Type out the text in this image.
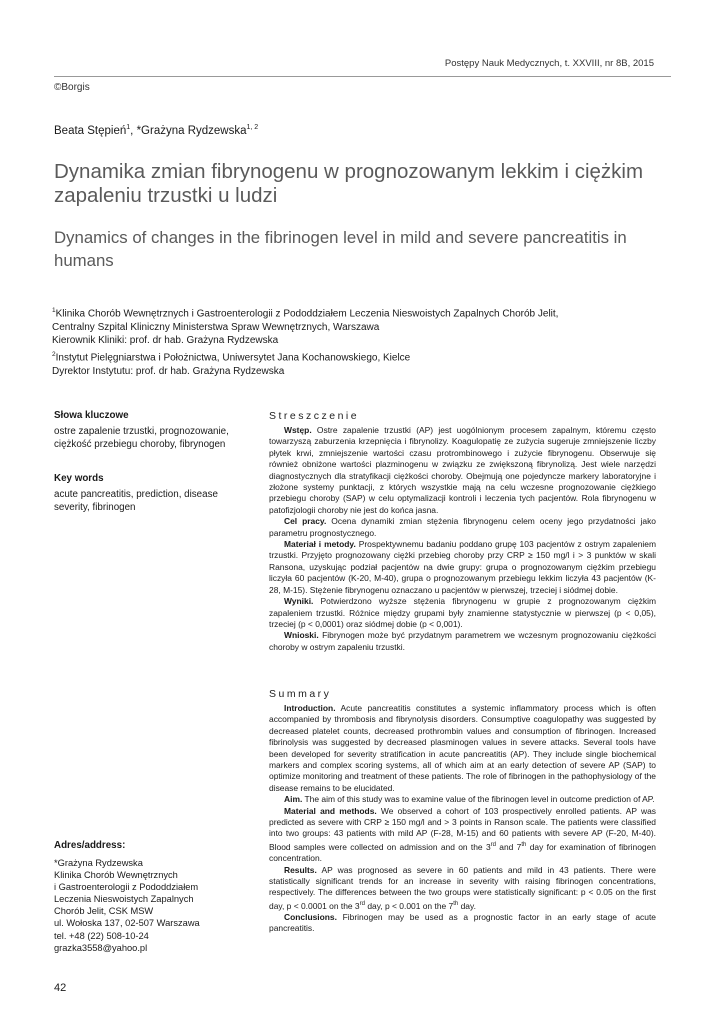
Postępy Nauk Medycznych, t. XXVIII, nr 8B, 2015
©Borgis
Beata Stępień$^1$, *Grażyna Rydzewska$^{1, 2}$
Dynamika zmian fibrynogenu w prognozowanym lekkim i ciężkim zapaleniu trzustki u ludzi
Dynamics of changes in the fibrinogen level in mild and severe pancreatitis in humans
$^1$Klinika Chorób Wewnętrznych i Gastroenterologii z Pododdziałem Leczenia Nieswoistych Zapalnych Chorób Jelit,
Centralny Szpital Kliniczny Ministerstwa Spraw Wewnętrznych, Warszawa
Kierownik Kliniki: prof. dr hab. Grażyna Rydzewska
$^2$Instytut Pielęgniarstwa i Położnictwa, Uniwersytet Jana Kochanowskiego, Kielce
Dyrektor Instytutu: prof. dr hab. Grażyna Rydzewska
Słowa kluczowe
ostre zapalenie trzustki, prognozowanie,
ciężkość przebiegu choroby, fibrynogen
Key words
acute pancreatitis, prediction, disease
severity, fibrinogen
Adres/address:
*Grażyna Rydzewska
Klinika Chorób Wewnętrznych
i Gastroenterologii z Pododdziałem
Leczenia Nieswoistych Zapalnych
Chorób Jelit, CSK MSW
ul. Wołoska 137, 02-507 Warszawa
tel. +48 (22) 508-10-24
grazka3558@yahoo.pl
Streszczenie

Wstęp. Ostre zapalenie trzustki (AP) jest uogólnionym procesem zapalnym, któremu często towarzyszą zaburzenia krzepnięcia i fibrynolizy. Koagulopatię ze zużycia sugeruje zmniejszenie liczby płytek krwi, zmniejszenie wartości czasu protrombinowego i zużycie fibrynogenu. Obserwuje się również obniżone wartości plazminogenu w związku ze zwiększoną fibrynolizą. Jest wiele narzędzi diagnostycznych dla stratyfikacji ciężkości choroby. Obejmują one pojedyncze markery laboratoryjne i złożone systemy punktacji, z których wszystkie mają na celu wczesne prognozowanie ciężkiego przebiegu choroby (SAP) w celu optymalizacji kontroli i leczenia tych pacjentów. Rola fibrynogenu w patofizjologii choroby nie jest do końca jasna.

Cel pracy. Ocena dynamiki zmian stężenia fibrynogenu celem oceny jego przydatności jako parametru prognostycznego.

Materiał i metody. Prospektywnemu badaniu poddano grupę 103 pacjentów z ostrym zapaleniem trzustki. Przyjęto prognozowany ciężki przebieg choroby przy CRP ≥ 150 mg/l i > 3 punktów w skali Ransona, uzyskując podział pacjentów na dwie grupy: grupa o prognozowanym ciężkim przebiegu liczyła 60 pacjentów (K-20, M-40), grupa o prognozowanym przebiegu lekkim liczyła 43 pacjentów (K-28, M-15). Stężenie fibrynogenu oznaczano u pacjentów w pierwszej, trzeciej i siódmej dobie.

Wyniki. Potwierdzono wyższe stężenia fibrynogenu w grupie z prognozowanym ciężkim zapaleniem trzustki. Różnice między grupami były znamienne statystycznie w pierwszej (p < 0,05), trzeciej (p < 0,0001) oraz siódmej dobie (p < 0,001).

Wnioski. Fibrynogen może być przydatnym parametrem we wczesnym prognozowaniu ciężkości choroby w ostrym zapaleniu trzustki.

Summary

Introduction. Acute pancreatitis constitutes a systemic inflammatory process which is often accompanied by thrombosis and fibrynolysis disorders. Consumptive coagulopathy was suggested by decreased platelet counts, decreased prothrombin values and consumption of fibrinogen. Increased fibrinolysis was suggested by decreased plasminogen values in severe attacks. Several tools have been developed for severity stratification in acute pancreatitis (AP). They include single biochemical markers and complex scoring systems, all of which aim at an early detection of severe AP (SAP) to optimize monitoring and treatment of these patients. The role of fibrinogen in the pathophysiology of the disease remains to be elucidated.

Aim. The aim of this study was to examine value of the fibrinogen level in outcome prediction of AP.

Material and methods. We observed a cohort of 103 prospectively enrolled patients. AP was predicted as severe with CRP ≥ 150 mg/l and > 3 points in Ranson scale. The patients were classified into two groups: 43 patients with mild AP (F-28, M-15) and 60 patients with severe AP (F-20, M-40). Blood samples were collected on admission and on the 3rd and 7th day for examination of fibrinogen concentration.

Results. AP was prognosed as severe in 60 patients and mild in 43 patients. There were statistically significant trends for an increase in severity with raising fibrinogen concentrations, respectively. The differences between the two groups were statistically significant: p < 0.05 on the first day, p < 0.0001 on the 3rd day, p < 0.001 on the 7th day.

Conclusions. Fibrinogen may be used as a prognostic factor in an early stage of acute pancreatitis.

42
